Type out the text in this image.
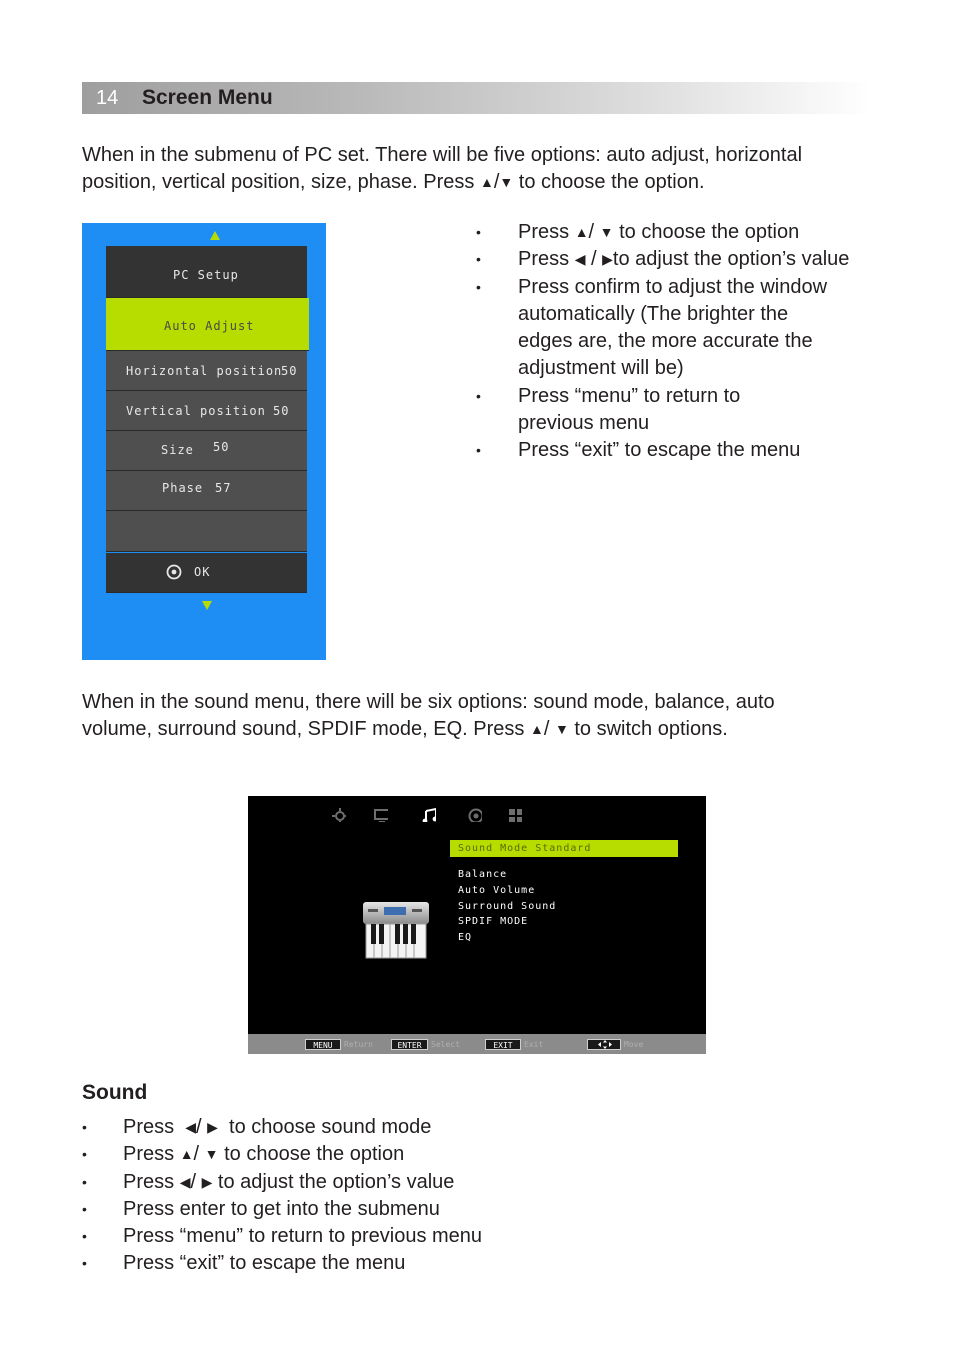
14 Screen Menu
When in the submenu of PC set. There will be five options: auto adjust, horizontal
position, vertical position, size, phase. Press ▲/▼ to choose the option.
PC Setup
Auto Adjust
Horizontal position
50
Vertical position 50
Size 50
Phase 57
OK
• Press ▲/ ▼ to choose the option
• Press ◀ / ▶to adjust the option’s value
• Press confirm to adjust the window
automatically (The brighter the
edges are, the more accurate the
adjustment will be)
• Press “menu” to return to
previous menu
• Press “exit” to escape the menu
When in the sound menu, there will be six options: sound mode, balance, auto
volume, surround sound, SPDIF mode, EQ. Press ▲/ ▼ to switch options.
Sound Mode Standard
Balance
Auto Volume
Surround Sound
SPDIF MODE
EQ
MENU	Return	ENTER	Select	EXIT	Exit	Move
Sound
• Press  ◀/ ▶  to choose sound mode
• Press ▲/ ▼ to choose the option
• Press ◀/ ▶ to adjust the option’s value
• Press enter to get into the submenu
• Press “menu” to return to previous menu
• Press “exit” to escape the menu
